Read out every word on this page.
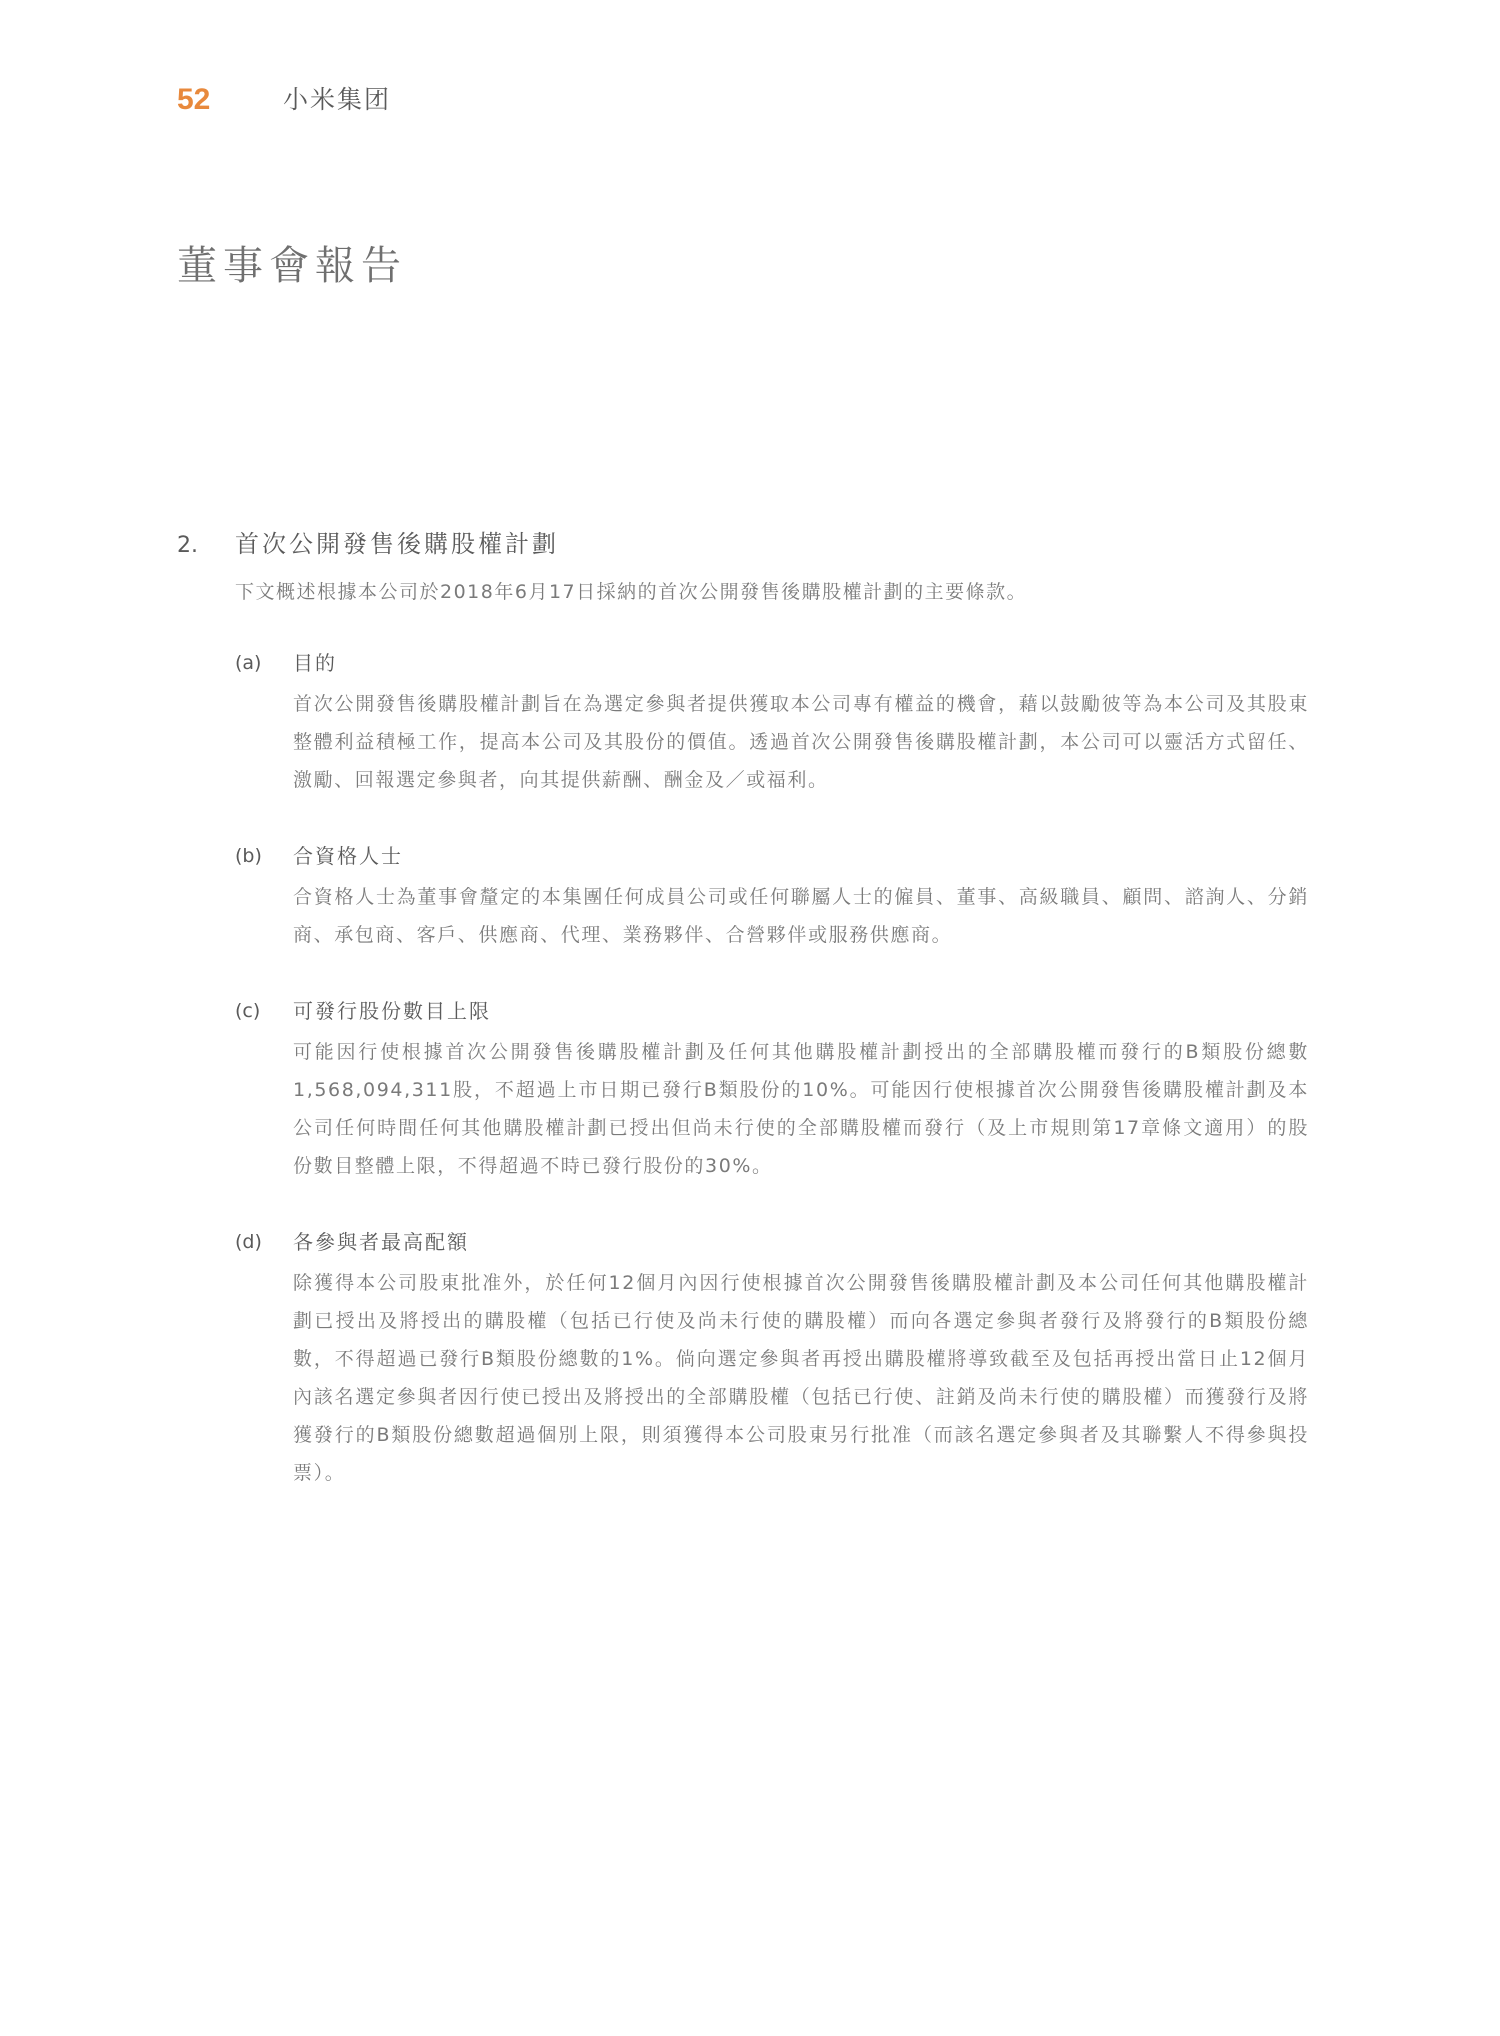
52	小米集团
董事會報告
2.	首次公開發售後購股權計劃
下文概述根據本公司於2018年6月17日採納的首次公開發售後購股權計劃的主要條款。
(a)	目的
首次公開發售後購股權計劃旨在為選定參與者提供獲取本公司專有權益的機會，藉以鼓勵彼等為本公司及其股東整體利益積極工作，提高本公司及其股份的價值。透過首次公開發售後購股權計劃，本公司可以靈活方式留任、激勵、回報選定參與者，向其提供薪酬、酬金及／或福利。
(b)	合資格人士
合資格人士為董事會釐定的本集團任何成員公司或任何聯屬人士的僱員、董事、高級職員、顧問、諮詢人、分銷商、承包商、客戶、供應商、代理、業務夥伴、合營夥伴或服務供應商。
(c)	可發行股份數目上限
可能因行使根據首次公開發售後購股權計劃及任何其他購股權計劃授出的全部購股權而發行的B類股份總數1,568,094,311股，不超過上市日期已發行B類股份的10%。可能因行使根據首次公開發售後購股權計劃及本公司任何時間任何其他購股權計劃已授出但尚未行使的全部購股權而發行（及上市規則第17章條文適用）的股份數目整體上限，不得超過不時已發行股份的30%。
(d)	各參與者最高配額
除獲得本公司股東批准外，於任何12個月內因行使根據首次公開發售後購股權計劃及本公司任何其他購股權計劃已授出及將授出的購股權（包括已行使及尚未行使的購股權）而向各選定參與者發行及將發行的B類股份總數，不得超過已發行B類股份總數的1%。倘向選定參與者再授出購股權將導致截至及包括再授出當日止12個月內該名選定參與者因行使已授出及將授出的全部購股權（包括已行使、註銷及尚未行使的購股權）而獲發行及將獲發行的B類股份總數超過個別上限，則須獲得本公司股東另行批准（而該名選定參與者及其聯繫人不得參與投票）。
